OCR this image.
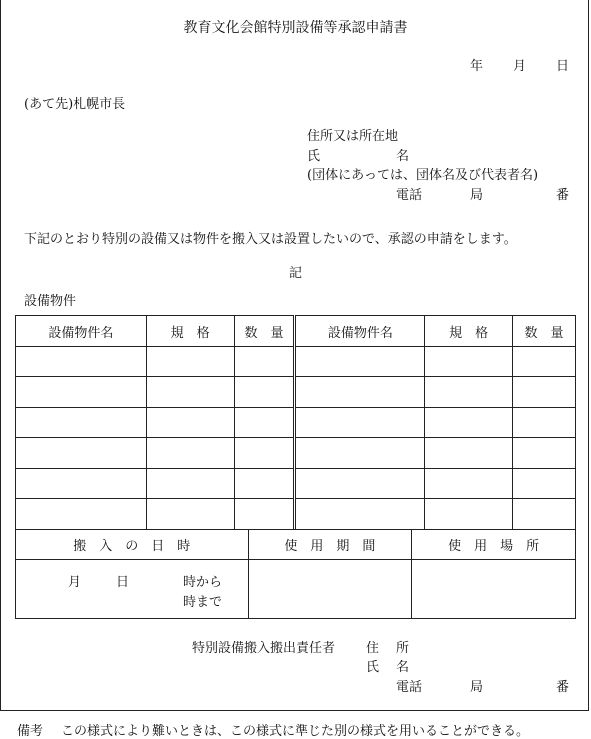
教育文化会館特別設備等承認申請書
年 月 日
(あて先)札幌市長
住所又は所在地
氏	名
(団体にあっては、団体名及び代表者名)
電話	局	番
下記のとおり特別の設備又は物件を搬入又は設置したいので、承認の申請をします。
記
設備物件
設備物件名	規　格	数　量	設備物件名	規　格	数　量

搬　入　の　日　時	使　用　期　間	使　用　場　所

月 日 時から
時まで		

特別設備搬入搬出責任者 住 所
氏 名
電話	局	番
備考 この様式により難いときは、この様式に準じた別の様式を用いることができる。
